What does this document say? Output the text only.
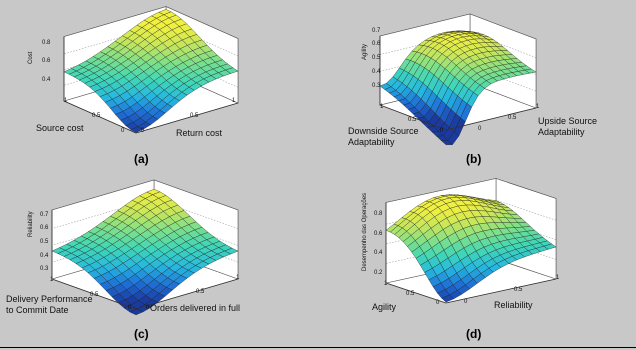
Cost
0.8
0.6
0.4
1
0.5
0	0
0.5
1
Source cost	Return cost
(a)
Agility
0.7
0.6
0.5
0.4
0.3
1
0.5
0	0
0.5
1
Downside Source
Adaptability
Upside Source
Adaptability
(b)
Reliability 0.7
0.6
0.5
0.4
0.3
1
0.5
0 0
0.5
1
Delivery Performance
to Commit Date	Orders delivered in full
(c)
Desempenho das Operações 0.8
0.6
0.4
0.2
1
0.5
0	0
0.5
1
Agility	Reliability
(d)
